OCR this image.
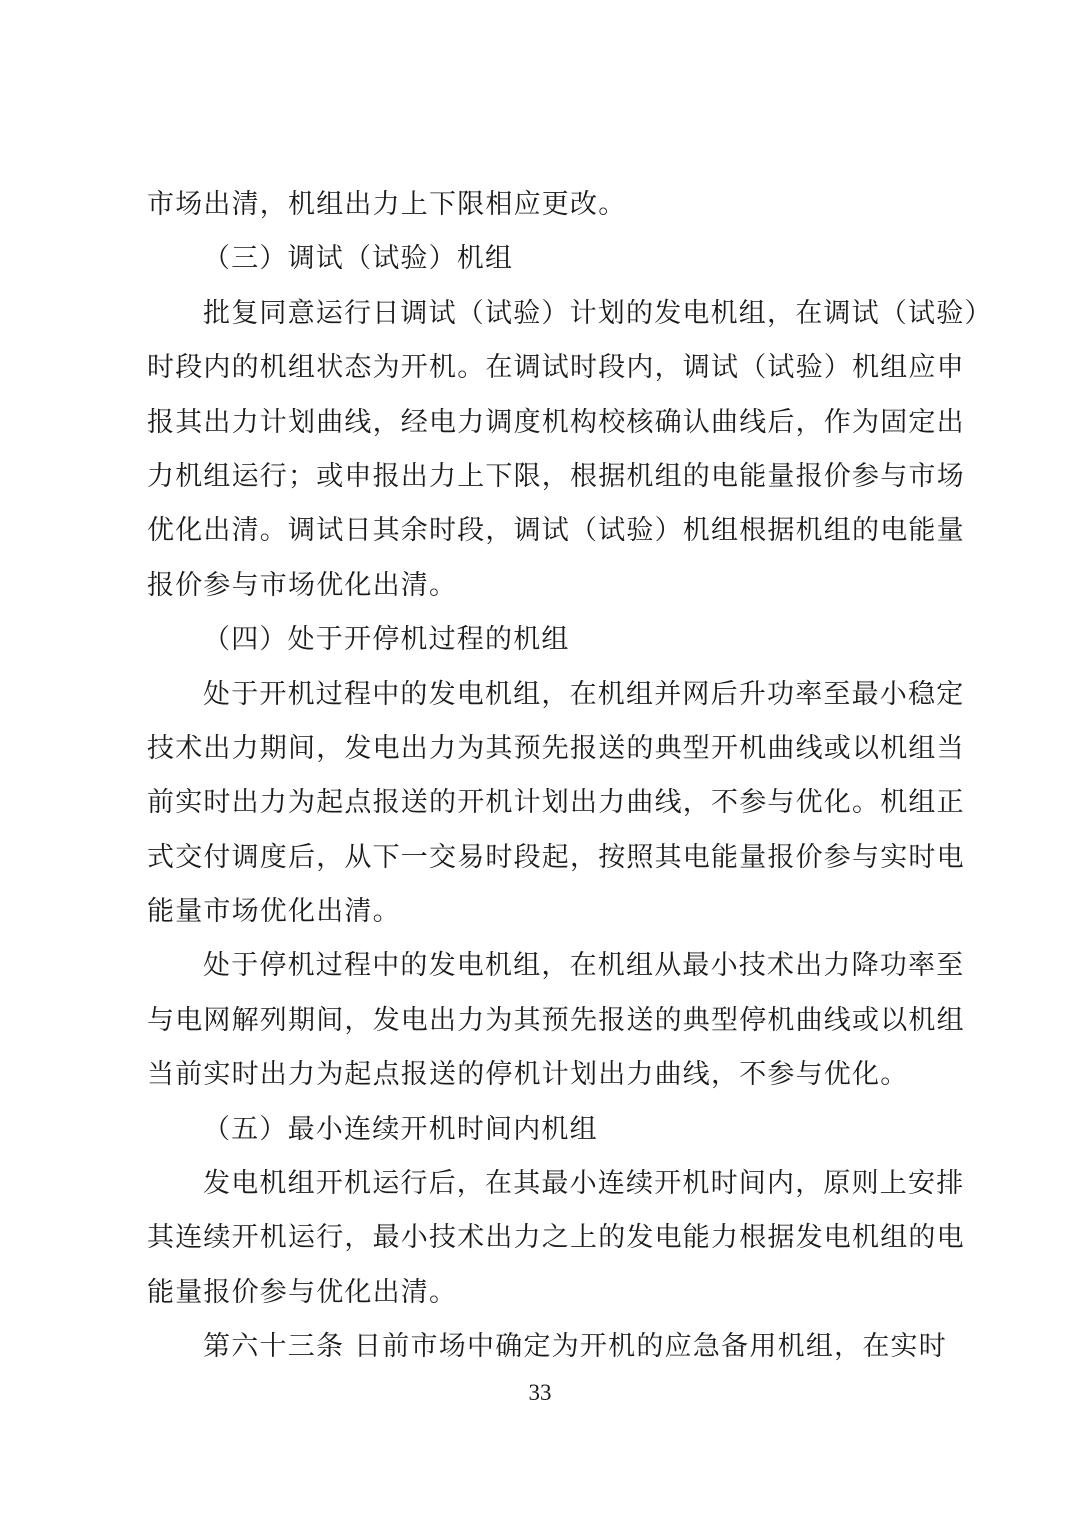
市场出清，机组出力上下限相应更改。
（三）调试（试验）机组
批复同意运行日调试（试验）计划的发电机组，在调试（试验）
时段内的机组状态为开机。在调试时段内，调试（试验）机组应申
报其出力计划曲线，经电力调度机构校核确认曲线后，作为固定出
力机组运行；或申报出力上下限，根据机组的电能量报价参与市场
优化出清。调试日其余时段，调试（试验）机组根据机组的电能量
报价参与市场优化出清。
（四）处于开停机过程的机组
处于开机过程中的发电机组，在机组并网后升功率至最小稳定
技术出力期间，发电出力为其预先报送的典型开机曲线或以机组当
前实时出力为起点报送的开机计划出力曲线，不参与优化。机组正
式交付调度后，从下一交易时段起，按照其电能量报价参与实时电
能量市场优化出清。
处于停机过程中的发电机组，在机组从最小技术出力降功率至
与电网解列期间，发电出力为其预先报送的典型停机曲线或以机组
当前实时出力为起点报送的停机计划出力曲线，不参与优化。
（五）最小连续开机时间内机组
发电机组开机运行后，在其最小连续开机时间内，原则上安排
其连续开机运行，最小技术出力之上的发电能力根据发电机组的电
能量报价参与优化出清。
第六十三条 日前市场中确定为开机的应急备用机组，在实时
33
